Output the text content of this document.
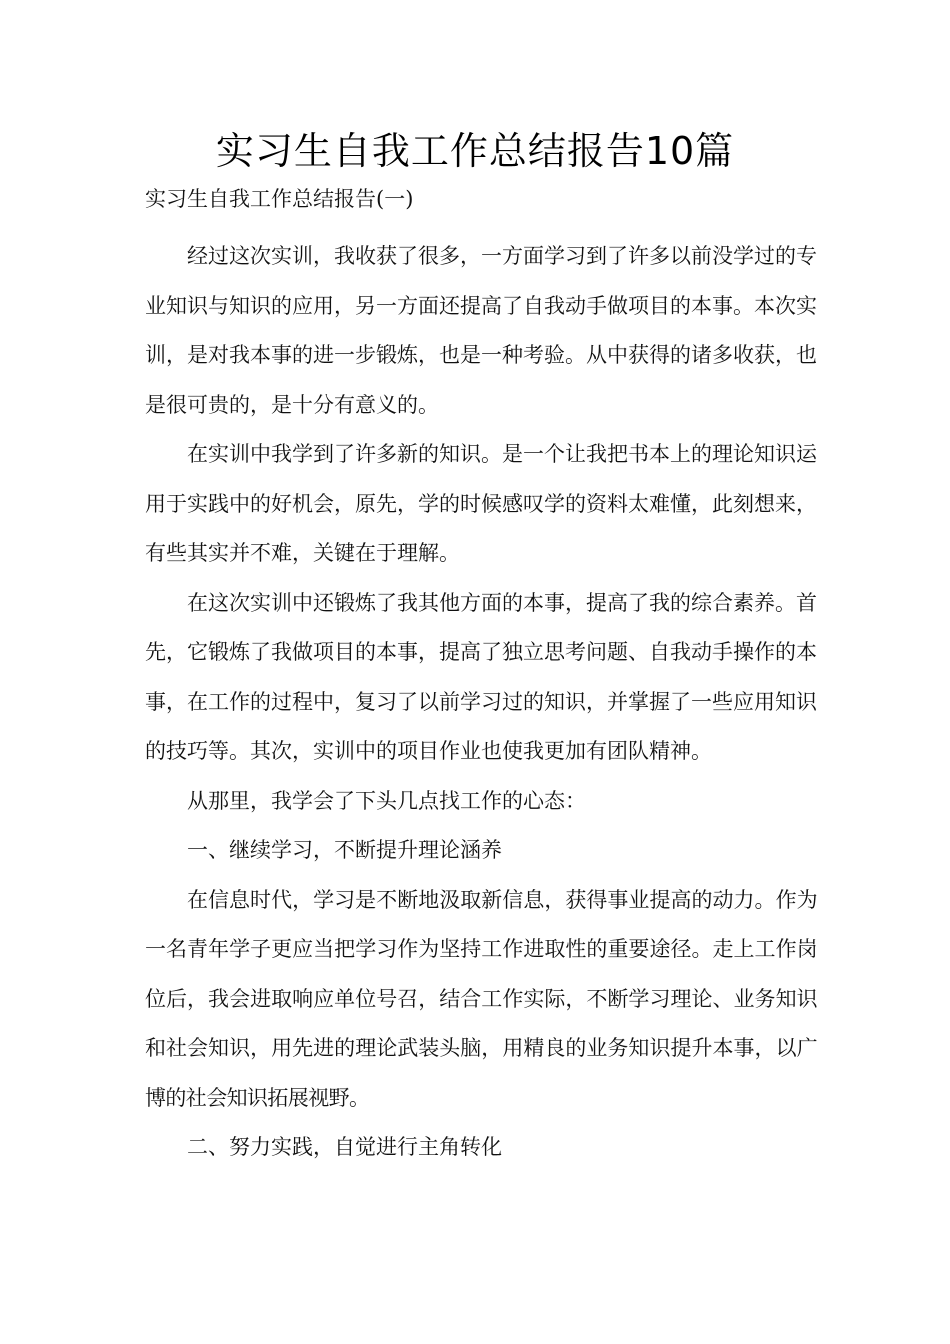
实习生自我工作总结报告10篇

实习生自我工作总结报告(一)

经过这次实训，我收获了很多，一方面学习到了许多以前没学过的专业知识与知识的应用，另一方面还提高了自我动手做项目的本事。本次实训，是对我本事的进一步锻炼，也是一种考验。从中获得的诸多收获，也是很可贵的，是十分有意义的。

在实训中我学到了许多新的知识。是一个让我把书本上的理论知识运用于实践中的好机会，原先，学的时候感叹学的资料太难懂，此刻想来，有些其实并不难，关键在于理解。

在这次实训中还锻炼了我其他方面的本事，提高了我的综合素养。首先，它锻炼了我做项目的本事，提高了独立思考问题、自我动手操作的本事，在工作的过程中，复习了以前学习过的知识，并掌握了一些应用知识的技巧等。其次，实训中的项目作业也使我更加有团队精神。

从那里，我学会了下头几点找工作的心态：

一、继续学习，不断提升理论涵养

在信息时代，学习是不断地汲取新信息，获得事业提高的动力。作为一名青年学子更应当把学习作为坚持工作进取性的重要途径。走上工作岗位后，我会进取响应单位号召，结合工作实际，不断学习理论、业务知识和社会知识，用先进的理论武装头脑，用精良的业务知识提升本事，以广博的社会知识拓展视野。

二、努力实践，自觉进行主角转化
